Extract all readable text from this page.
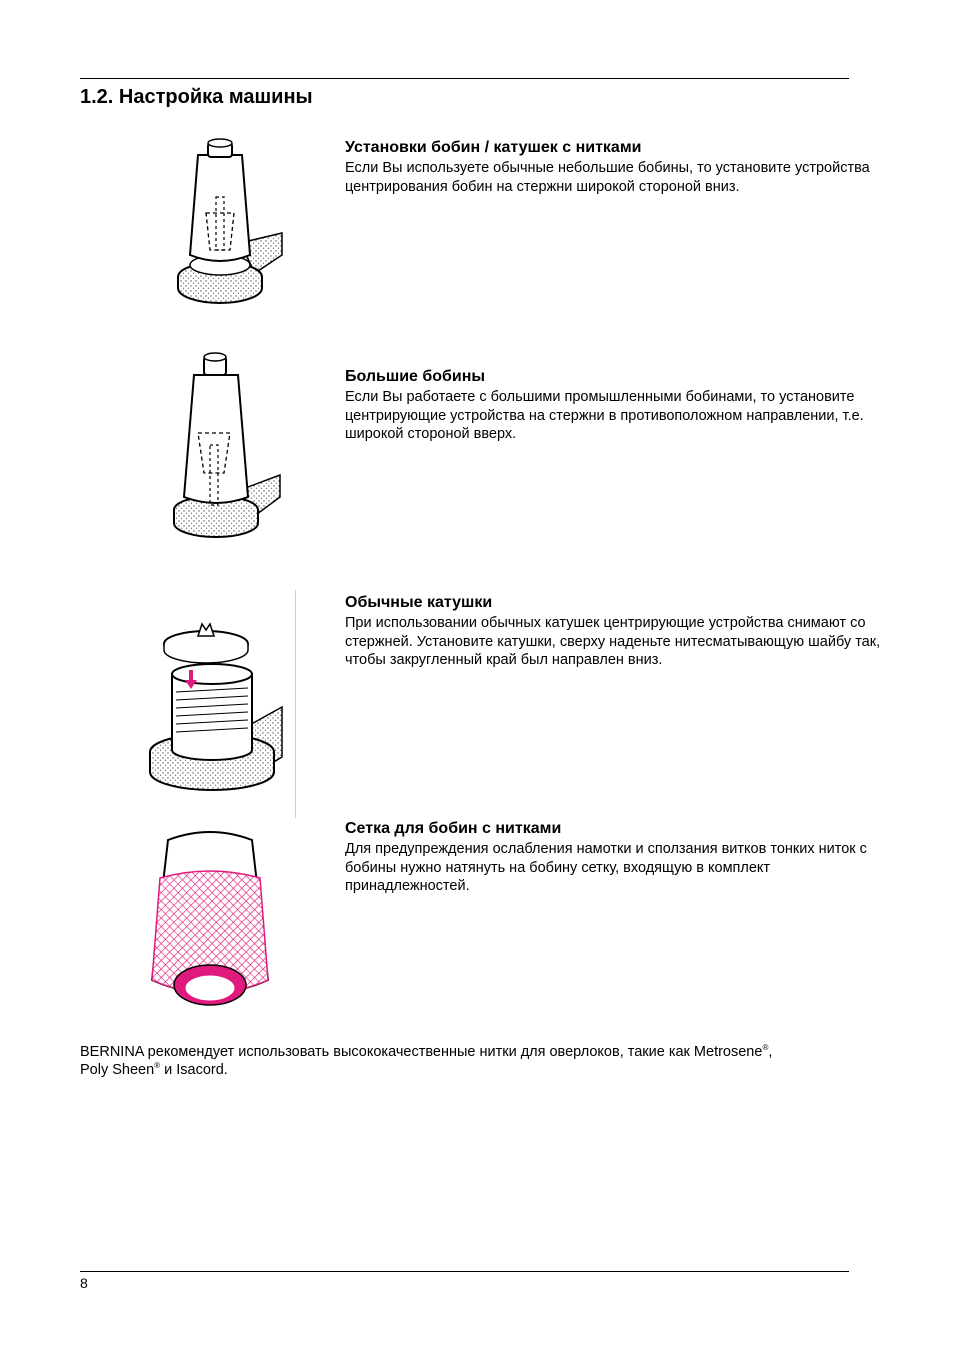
1.2. Настройка машины
Установки бобин / катушек с нитками

Если Вы используете обычные небольшие бобины, то установите устройства центрирования бобин на стержни широкой стороной вниз.

Большие бобины

Если Вы работаете с большими промышленными бобинами, то установите центрирующие устройства на стержни в противоположном направлении, т.е. широкой стороной вверх.

Обычные катушки

При использовании обычных катушек центрирующие устройства снимают со стержней. Установите катушки, сверху наденьте нитесматывающую шайбу так, чтобы закругленный край был направлен вниз.

Сетка для бобин с нитками

Для предупреждения ослабления намотки и сползания витков тонких ниток с бобины нужно натянуть на бобину сетку, входящую в комплект принадлежностей.

BERNINA рекомендует использовать высококачественные нитки для оверлоков, такие как Metrosene®,
Poly Sheen® и Isacord.

8
